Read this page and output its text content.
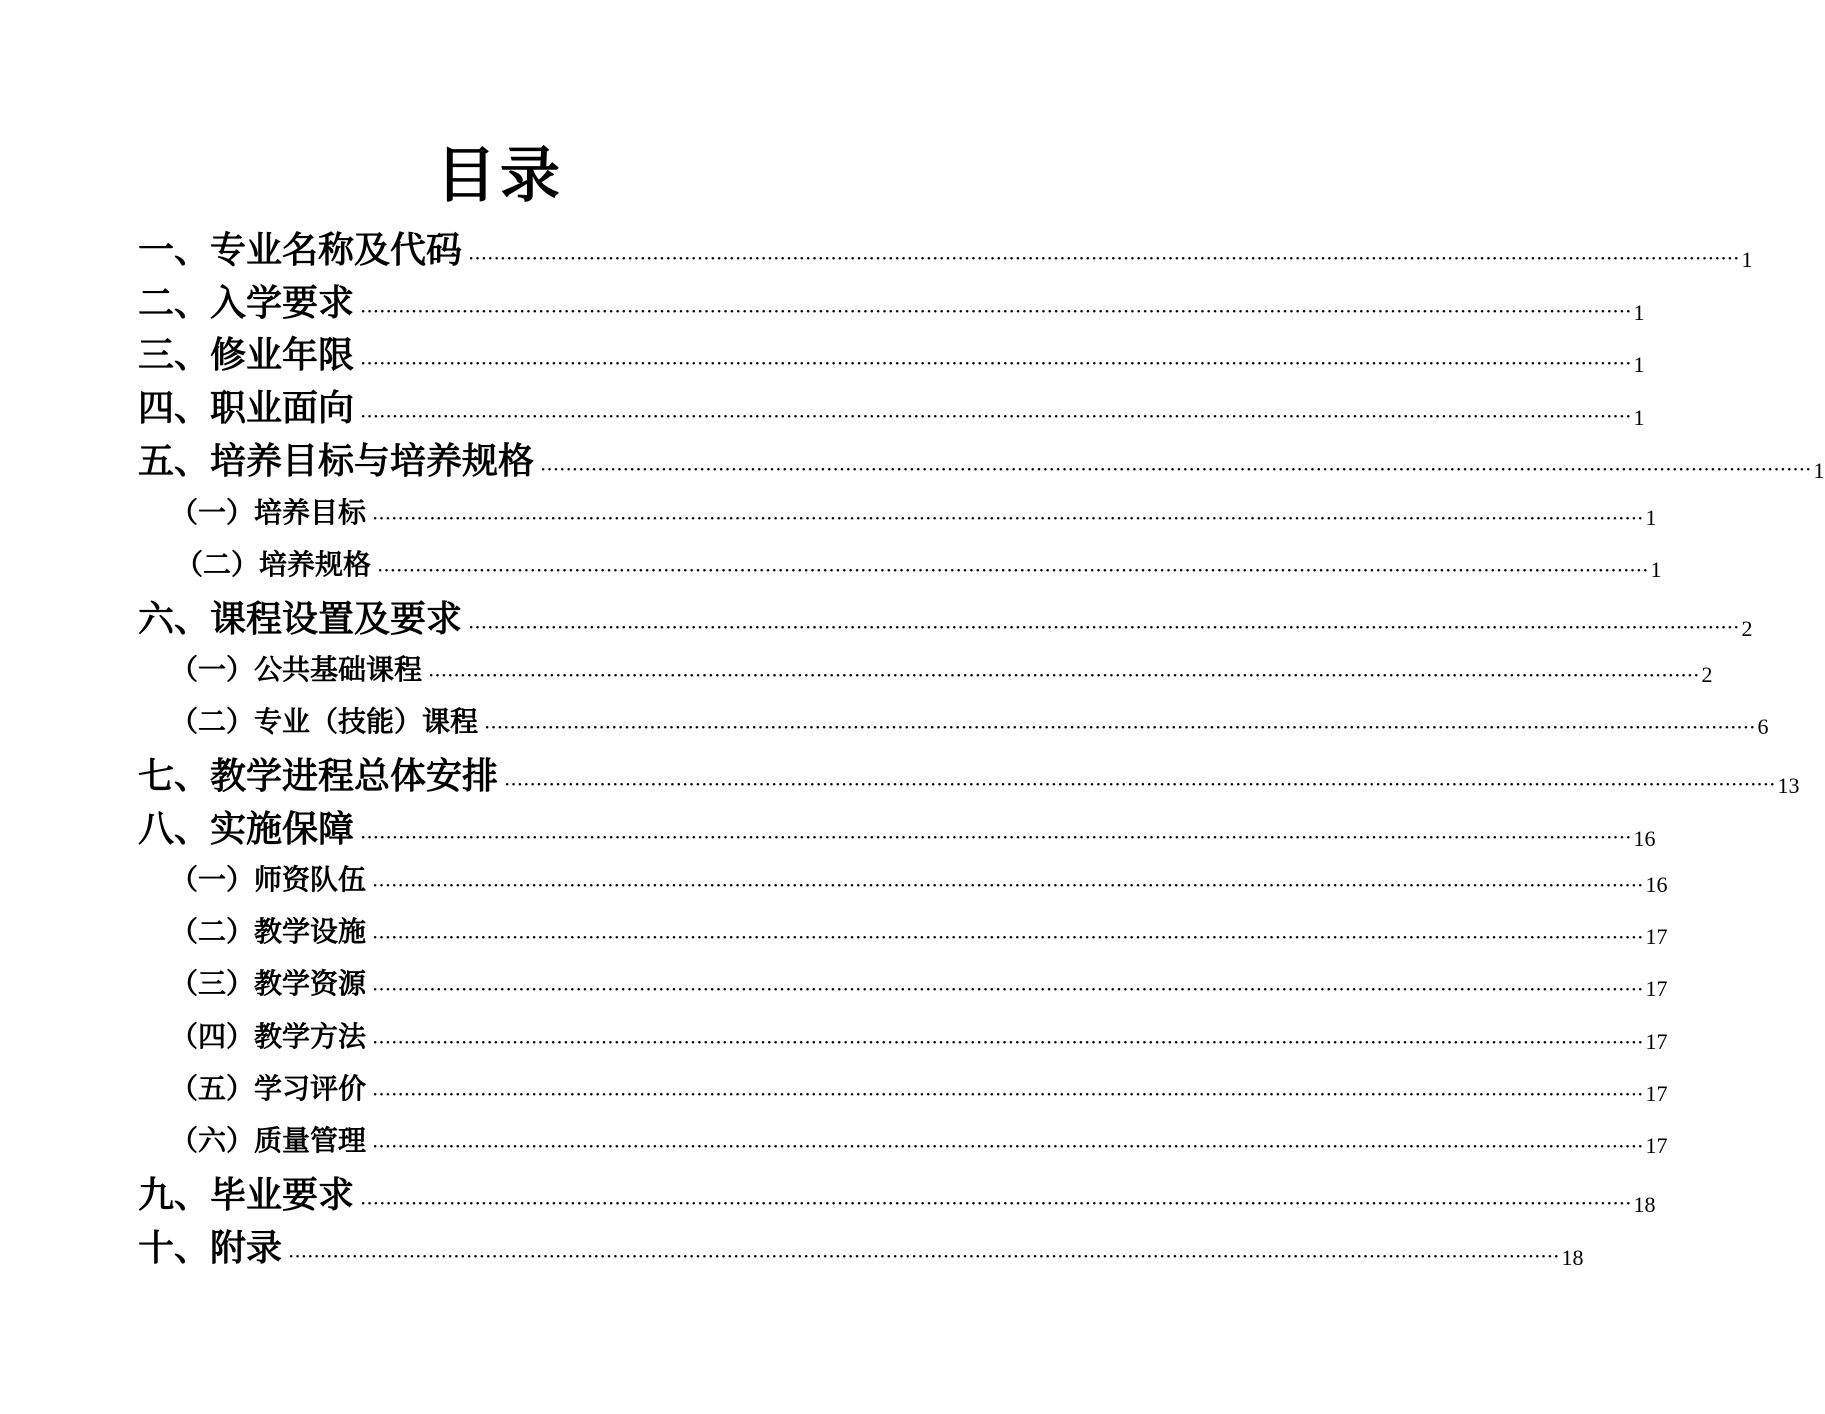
目录
一、专业名称及代码 ········································································································································································································ 1
二、入学要求 ········································································································································································································ 1
三、修业年限 ········································································································································································································ 1
四、职业面向 ········································································································································································································ 1
五、培养目标与培养规格 ········································································································································································································ 1
（一）培养目标 ········································································································································································································ 1
（二）培养规格 ········································································································································································································ 1
六、课程设置及要求 ········································································································································································································ 2
（一）公共基础课程 ········································································································································································································ 2
（二）专业（技能）课程 ········································································································································································································ 6
七、教学进程总体安排 ········································································································································································································ 13
八、实施保障 ········································································································································································································ 16
（一）师资队伍 ········································································································································································································ 16
（二）教学设施 ········································································································································································································ 17
（三）教学资源 ········································································································································································································ 17
（四）教学方法 ········································································································································································································ 17
（五）学习评价 ········································································································································································································ 17
（六）质量管理 ········································································································································································································ 17
九、毕业要求 ········································································································································································································ 18
十、附录 ········································································································································································································ 18
